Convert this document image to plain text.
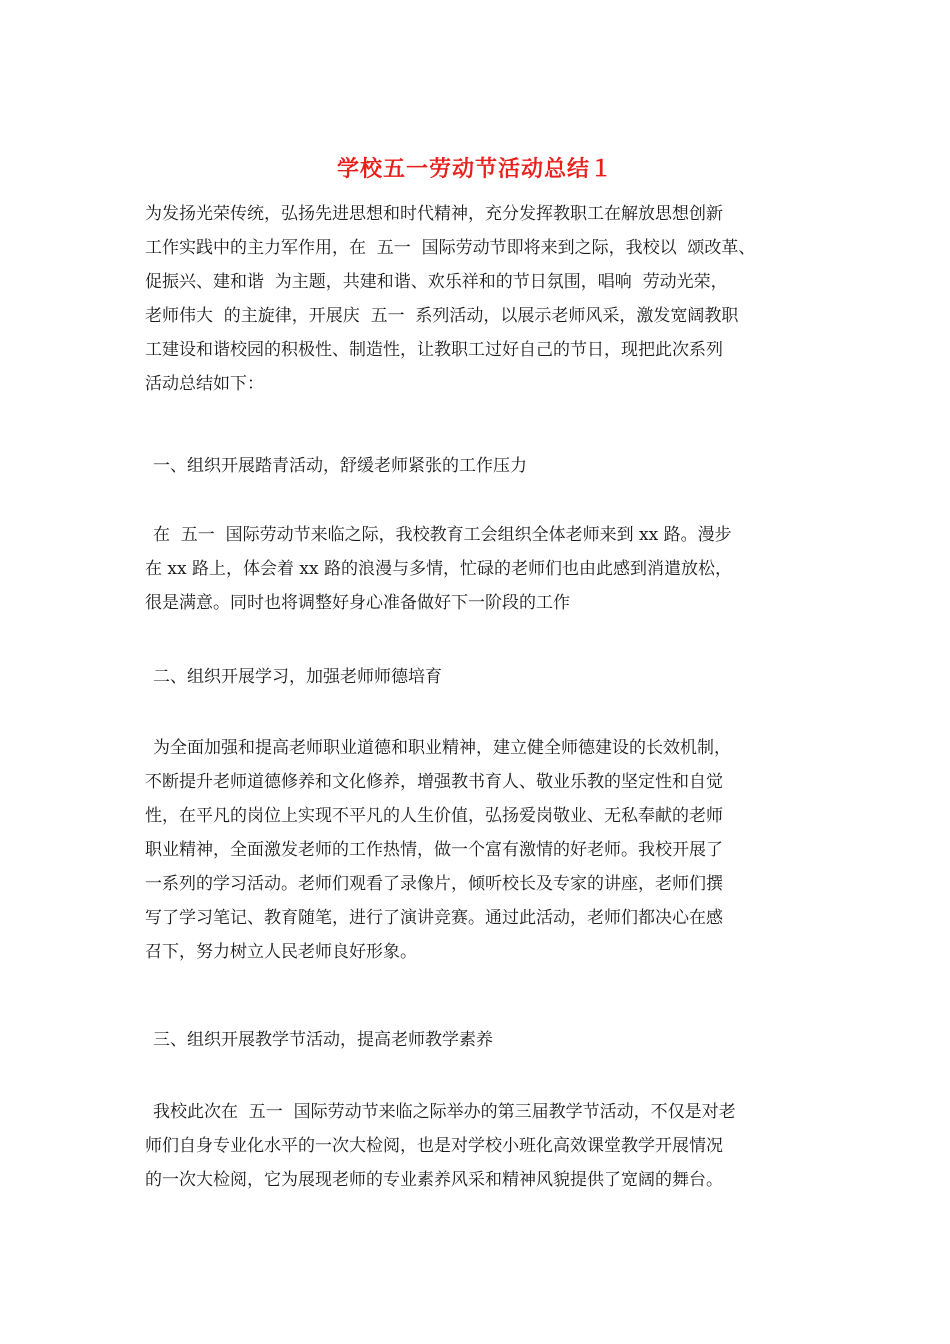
学校五一劳动节活动总结１
为发扬光荣传统，弘扬先进思想和时代精神，充分发挥教职工在解放思想创新
工作实践中的主力军作用，在  五一  国际劳动节即将来到之际，我校以  颂改革、
促振兴、建和谐  为主题，共建和谐、欢乐祥和的节日氛围，唱响  劳动光荣，
老师伟大  的主旋律，开展庆  五一  系列活动，以展示老师风采，激发宽阔教职
工建设和谐校园的积极性、制造性，让教职工过好自己的节日，现把此次系列
活动总结如下：
一、组织开展踏青活动，舒缓老师紧张的工作压力
在  五一  国际劳动节来临之际，我校教育工会组织全体老师来到 xx 路。漫步
在 xx 路上，体会着 xx 路的浪漫与多情，忙碌的老师们也由此感到消遣放松，
很是满意。同时也将调整好身心准备做好下一阶段的工作
二、组织开展学习，加强老师师德培育
为全面加强和提高老师职业道德和职业精神，建立健全师德建设的长效机制，
不断提升老师道德修养和文化修养，增强教书育人、敬业乐教的坚定性和自觉
性，在平凡的岗位上实现不平凡的人生价值，弘扬爱岗敬业、无私奉献的老师
职业精神，全面激发老师的工作热情，做一个富有激情的好老师。我校开展了
一系列的学习活动。老师们观看了录像片，倾听校长及专家的讲座，老师们撰
写了学习笔记、教育随笔，进行了演讲竞赛。通过此活动，老师们都决心在感
召下，努力树立人民老师良好形象。
三、组织开展教学节活动，提高老师教学素养
我校此次在  五一  国际劳动节来临之际举办的第三届教学节活动，不仅是对老
师们自身专业化水平的一次大检阅，也是对学校小班化高效课堂教学开展情况
的一次大检阅，它为展现老师的专业素养风采和精神风貌提供了宽阔的舞台。
